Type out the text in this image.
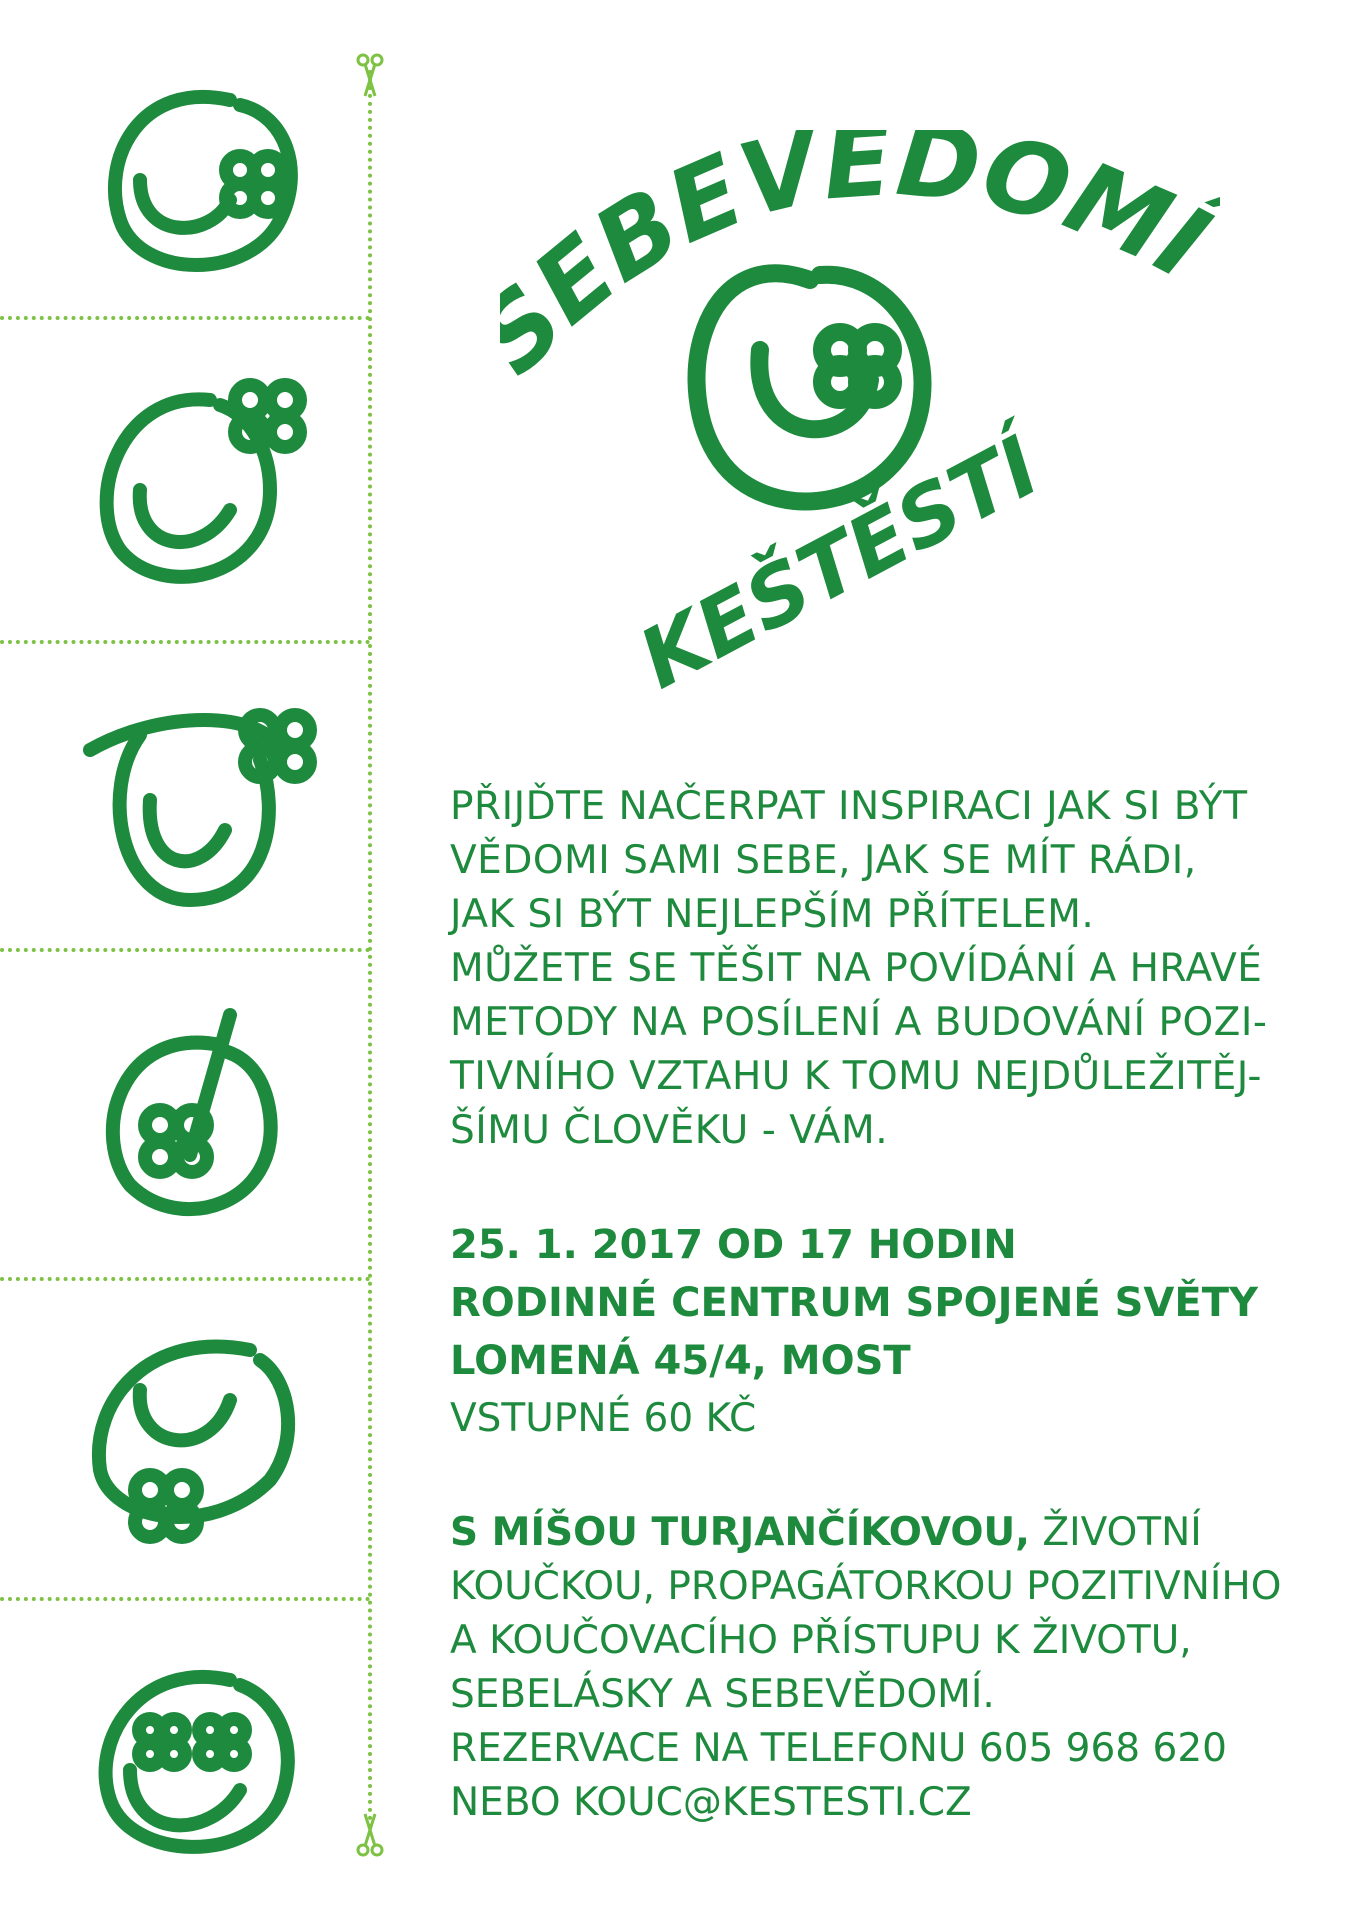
EBEVĚDOMÍ
KEŠTĚSTÍ

PŘIJĎTE NAČERPAT INSPIRACI JAK SI BÝT

VĚDOMI SAMI SEBE, JAK SE MÍT RÁDI,

JAK SI BÝT NEJLEPŠÍM PŘÍTELEM.

MŮŽETE SE TĚŠIT NA POVÍDÁNÍ A HRAVÉ

METODY NA POSÍLENÍ A BUDOVÁNÍ POZI-

TIVNÍHO VZTAHU K TOMU NEJDŮLEŽITĚJ-

ŠÍMU ČLOVĚKU - VÁM.

25. 1. 2017 OD 17 HODIN

RODINNÉ CENTRUM SPOJENÉ SVĚTY

LOMENÁ 45/4, MOST

VSTUPNÉ 60 KČ

S MÍŠOU TURJANČÍKOVOU, ŽIVOTNÍ

KOUČKOU, PROPAGÁTORKOU POZITIVNÍHO

A KOUČOVACÍHO PŘÍSTUPU K ŽIVOTU,

SEBELÁSKY A SEBEVĚDOMÍ.

REZERVACE NA TELEFONU 605 968 620

NEBO KOUC@KESTESTI.CZ
